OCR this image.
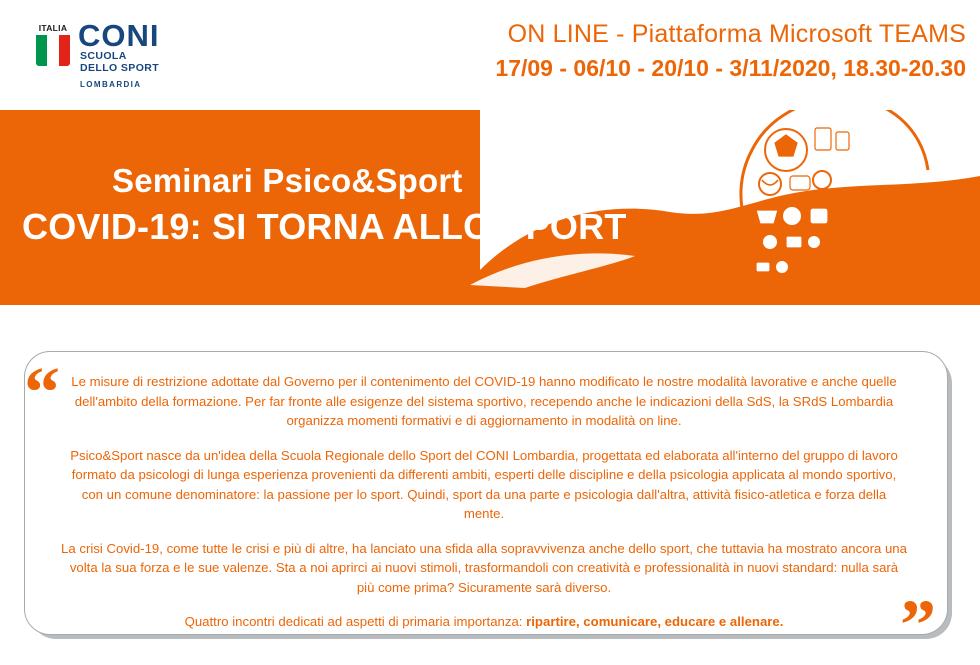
ITALIA CONI
SCUOLA
DELLO SPORT
LOMBARDIA
ON LINE - Piattaforma Microsoft TEAMS
17/09 - 06/10 - 20/10 - 3/11/2020, 18.30-20.30
Seminari Psico&Sport
COVID-19: SI TORNA ALLO SPORT
“
”

Le misure di restrizione adottate dal Governo per il contenimento del COVID-19 hanno modificato le nostre modalità lavorative e anche quelle dell'ambito della formazione. Per far fronte alle esigenze del sistema sportivo, recependo anche le indicazioni della SdS, la SRdS Lombardia organizza momenti formativi e di aggiornamento in modalità on line.

Psico&Sport nasce da un'idea della Scuola Regionale dello Sport del CONI Lombardia, progettata ed elaborata all'interno del gruppo di lavoro formato da psicologi di lunga esperienza provenienti da differenti ambiti, esperti delle discipline e della psicologia applicata al mondo sportivo, con un comune denominatore: la passione per lo sport. Quindi, sport da una parte e psicologia dall'altra, attività fisico-atletica e forza della mente.

La crisi Covid-19, come tutte le crisi e più di altre, ha lanciato una sfida alla sopravvivenza anche dello sport, che tuttavia ha mostrato ancora una volta la sua forza e le sue valenze. Sta a noi aprirci ai nuovi stimoli, trasformandoli con creatività e professionalità in nuovi standard: nulla sarà più come prima? Sicuramente sarà diverso.

Quattro incontri dedicati ad aspetti di primaria importanza: ripartire, comunicare, educare e allenare.
